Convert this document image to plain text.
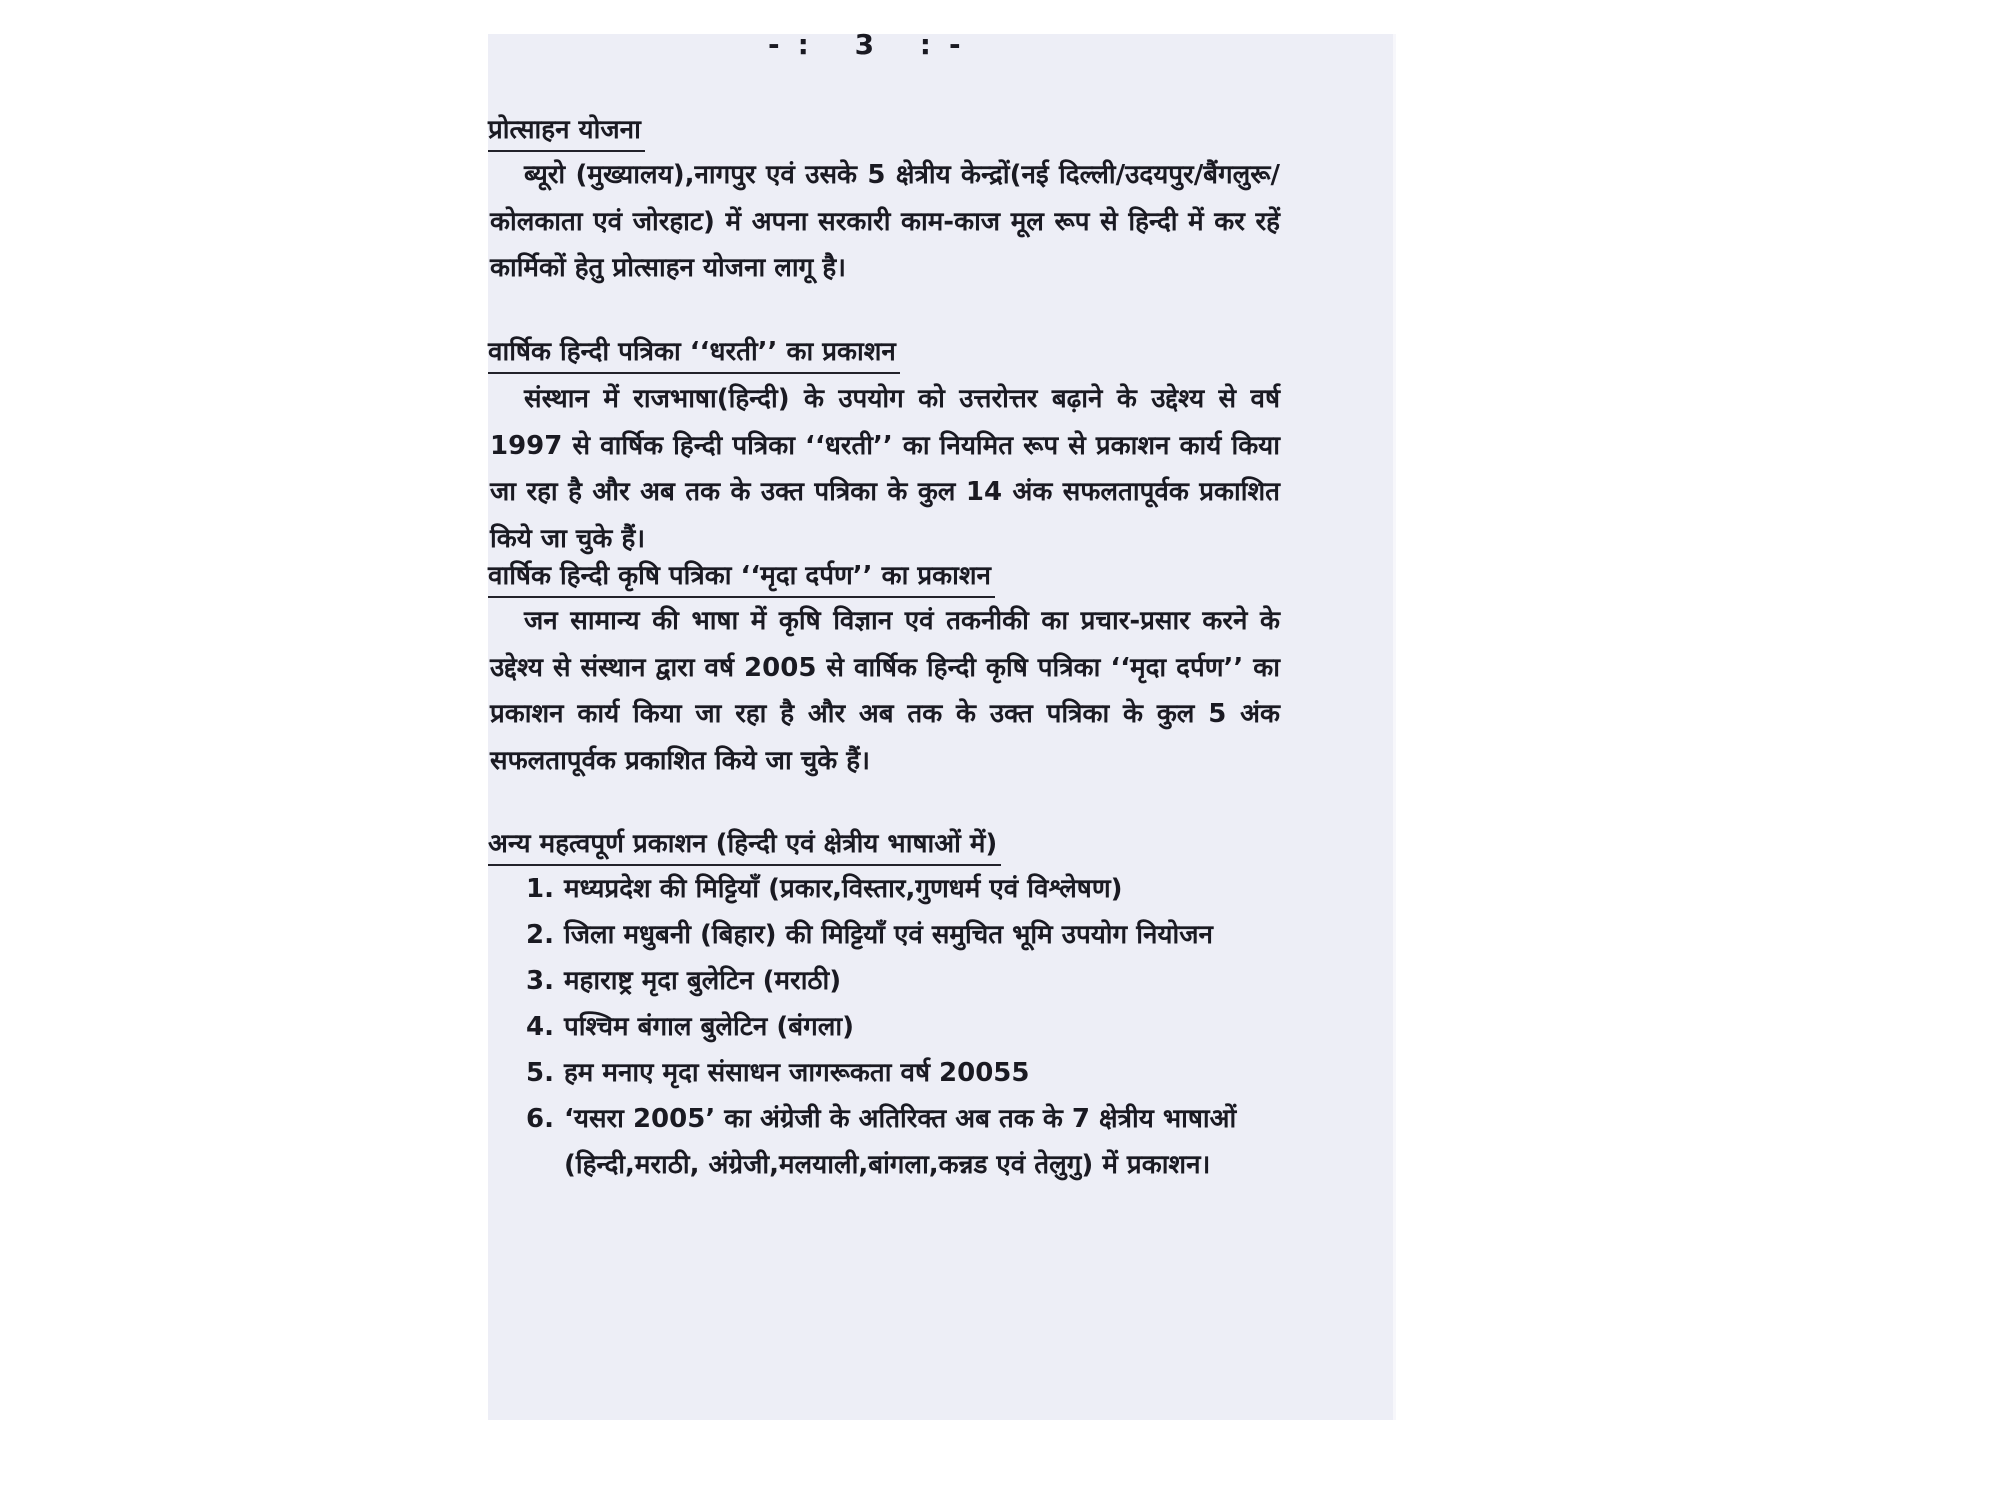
-: 3 :-
प्रोत्साहन योजना

ब्यूरो (मुख्यालय),नागपुर एवं उसके 5 क्षेत्रीय केन्द्रों(नई दिल्ली/उदयपुर/बैंगलुरू/कोलकाता एवं जोरहाट) में अपना सरकारी काम-काज मूल रूप से हिन्दी में कर रहें कार्मिकों हेतु प्रोत्साहन योजना लागू है।

वार्षिक हिन्दी पत्रिका ‘‘धरती’’ का प्रकाशन

संस्थान में राजभाषा(हिन्दी) के उपयोग को उत्तरोत्तर बढ़ाने के उद्देश्य से वर्ष 1997 से वार्षिक हिन्दी पत्रिका ‘‘धरती’’ का नियमित रूप से प्रकाशन कार्य किया जा रहा है और अब तक के उक्त पत्रिका के कुल 14 अंक सफलतापूर्वक प्रकाशित किये जा चुके हैं।

वार्षिक हिन्दी कृषि पत्रिका ‘‘मृदा दर्पण’’ का प्रकाशन

जन सामान्य की भाषा में कृषि विज्ञान एवं तकनीकी का प्रचार-प्रसार करने के उद्देश्य से संस्थान द्वारा वर्ष 2005 से वार्षिक हिन्दी कृषि पत्रिका ‘‘मृदा दर्पण’’ का प्रकाशन कार्य किया जा रहा है और अब तक के उक्त पत्रिका के कुल 5 अंक सफलतापूर्वक प्रकाशित किये जा चुके हैं।

अन्य महत्वपूर्ण प्रकाशन (हिन्दी एवं क्षेत्रीय भाषाओं में)
1. मध्यप्रदेश की मिट्टियाँ (प्रकार,विस्तार,गुणधर्म एवं विश्लेषण)
2. जिला मधुबनी (बिहार) की मिट्टियाँ एवं समुचित भूमि उपयोग नियोजन
3. महाराष्ट्र मृदा बुलेटिन (मराठी)
4. पश्चिम बंगाल बुलेटिन (बंगला)
5. हम मनाए मृदा संसाधन जागरूकता वर्ष 20055
6. ‘यसरा 2005’ का अंग्रेजी के अतिरिक्त अब तक के 7 क्षेत्रीय भाषाओं (हिन्दी,मराठी, अंग्रेजी,मलयाली,बांगला,कन्नड एवं तेलुगु) में प्रकाशन।
